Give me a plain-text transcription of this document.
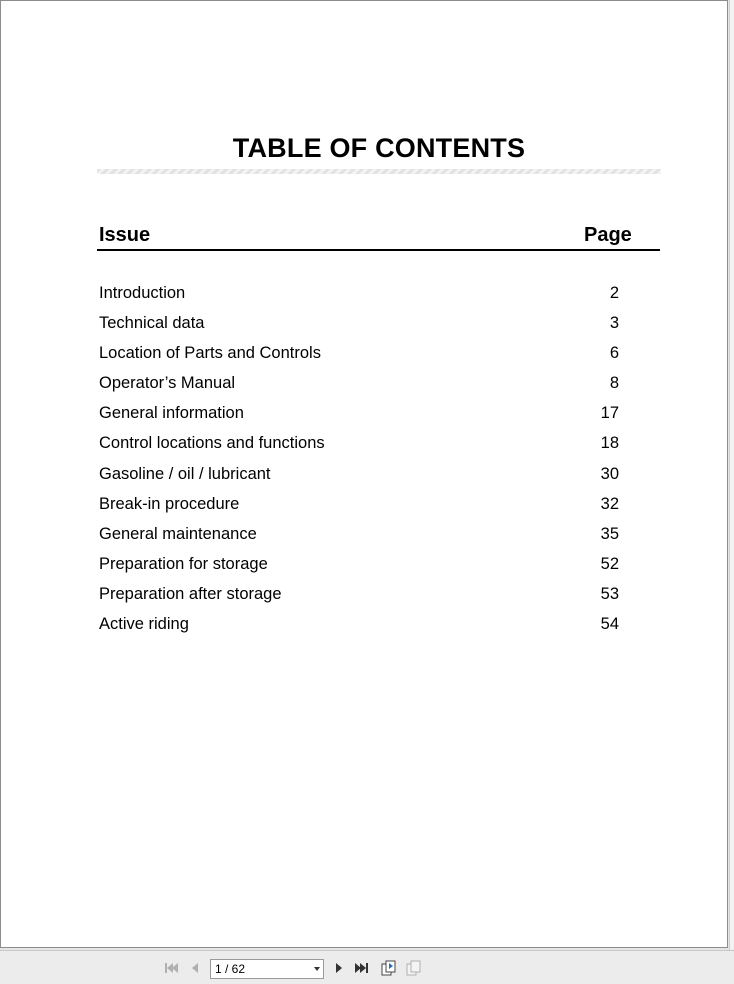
TABLE OF CONTENTS
Issue	Page
Introduction	2
Technical data	3
Location of Parts and Controls	6
Operator’s Manual	8
General information	17
Control locations and functions	18
Gasoline / oil / lubricant	30
Break-in procedure	32
General maintenance	35
Preparation for storage	52
Preparation after storage	53
Active riding	54
1 / 62
